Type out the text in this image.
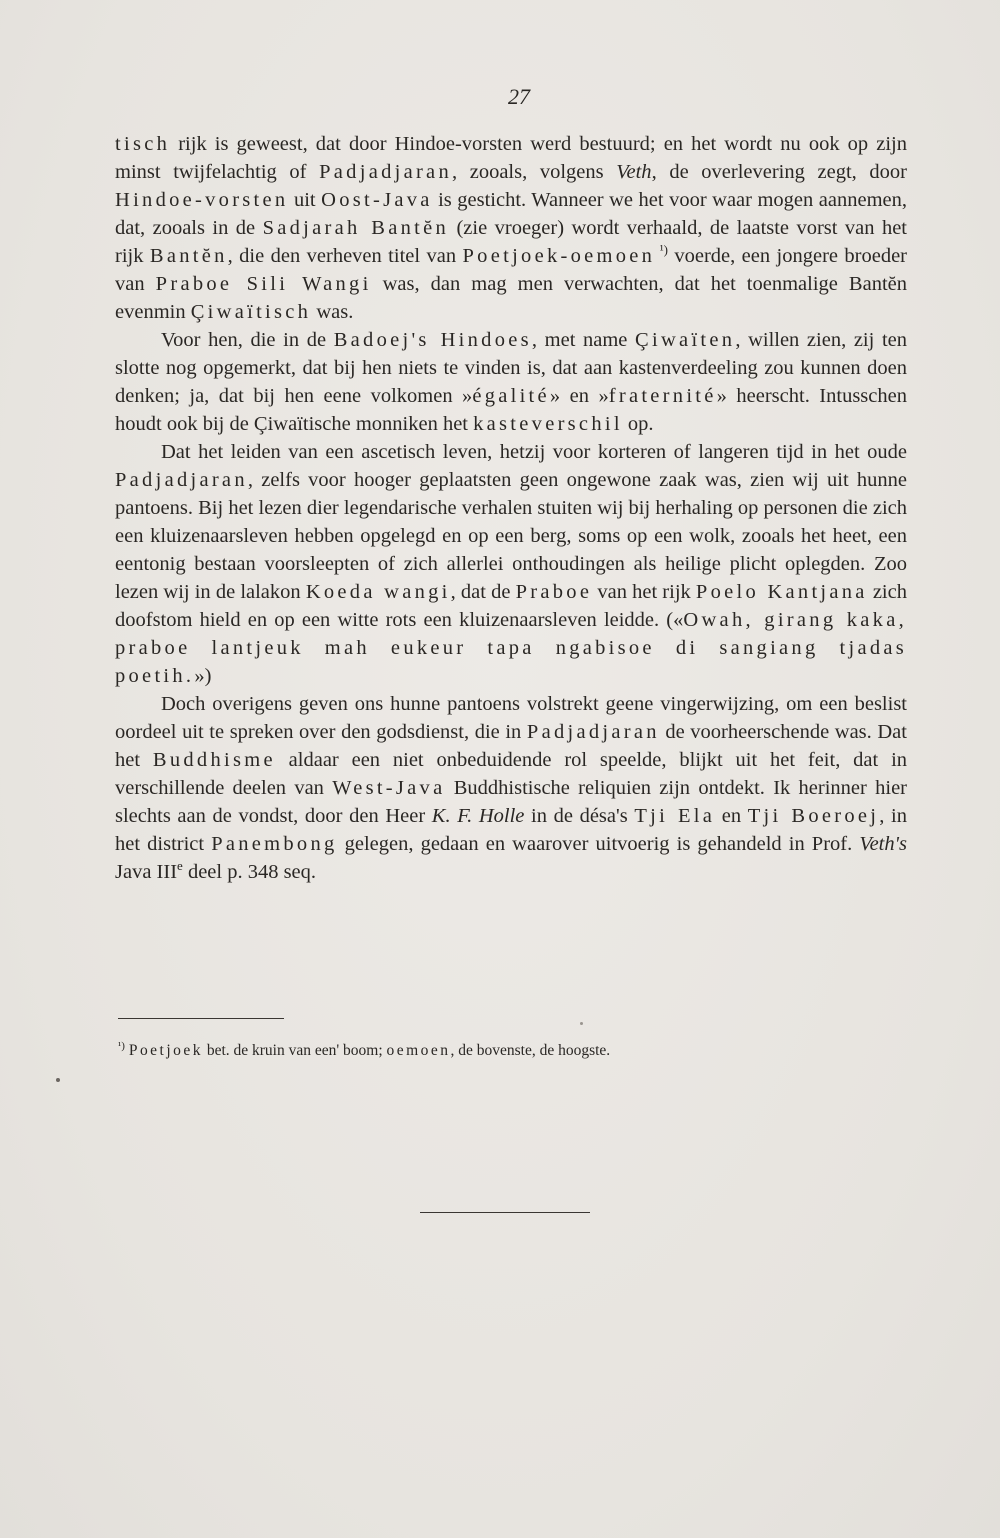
27

tisch rijk is geweest, dat door Hindoe-vorsten werd bestuurd; en het wordt nu ook op zijn minst twijfelachtig of Padjadjaran, zooals, volgens Veth, de overlevering zegt, door Hindoe-vorsten uit Oost-Java is gesticht. Wanneer we het voor waar mogen aannemen, dat, zooals in de Sadjarah Bantĕn (zie vroeger) wordt verhaald, de laatste vorst van het rijk Bantĕn, die den verheven titel van Poetjoek-oemoen $^{^1)}$ voerde, een jongere broeder van Praboe Sili Wangi was, dan mag men verwachten, dat het toenmalige Bantĕn evenmin Çiwaïtisch was.

Voor hen, die in de Badoej's Hindoes, met name Çiwaïten, willen zien, zij ten slotte nog opgemerkt, dat bij hen niets te vinden is, dat aan kastenverdeeling zou kunnen doen denken; ja, dat bij hen eene volkomen »égalité» en »fraternité» heerscht. Intusschen houdt ook bij de Çiwaïtische monniken het kasteverschil op.

Dat het leiden van een ascetisch leven, hetzij voor korteren of langeren tijd in het oude Padjadjaran, zelfs voor hooger geplaatsten geen ongewone zaak was, zien wij uit hunne pantoens. Bij het lezen dier legendarische verhalen stuiten wij bij herhaling op personen die zich een kluizenaarsleven hebben opgelegd en op een berg, soms op een wolk, zooals het heet, een eentonig bestaan voorsleepten of zich allerlei onthoudingen als heilige plicht oplegden. Zoo lezen wij in de lalakon Koeda wangi, dat de Praboe van het rijk Poelo Kantjana zich doofstom hield en op een witte rots een kluizenaarsleven leidde. («Owah, girang kaka, praboe lantjeuk mah eukeur tapa ngabisoe di sangiang tjadas poetih.»)

Doch overigens geven ons hunne pantoens volstrekt geene vingerwijzing, om een beslist oordeel uit te spreken over den godsdienst, die in Padjadjaran de voorheerschende was. Dat het Buddhisme aldaar een niet onbeduidende rol speelde, blijkt uit het feit, dat in verschillende deelen van West-Java Buddhistische reliquien zijn ontdekt. Ik herinner hier slechts aan de vondst, door den Heer K. F. Holle in de désa's Tji Ela en Tji Boeroej, in het district Panembong gelegen, gedaan en waarover uitvoerig is gehandeld in Prof. Veth's Java IIIe deel p. 348 seq.

$^{^1)}$ Poetjoek bet. de kruin van een' boom; oemoen, de bovenste, de hoogste.
